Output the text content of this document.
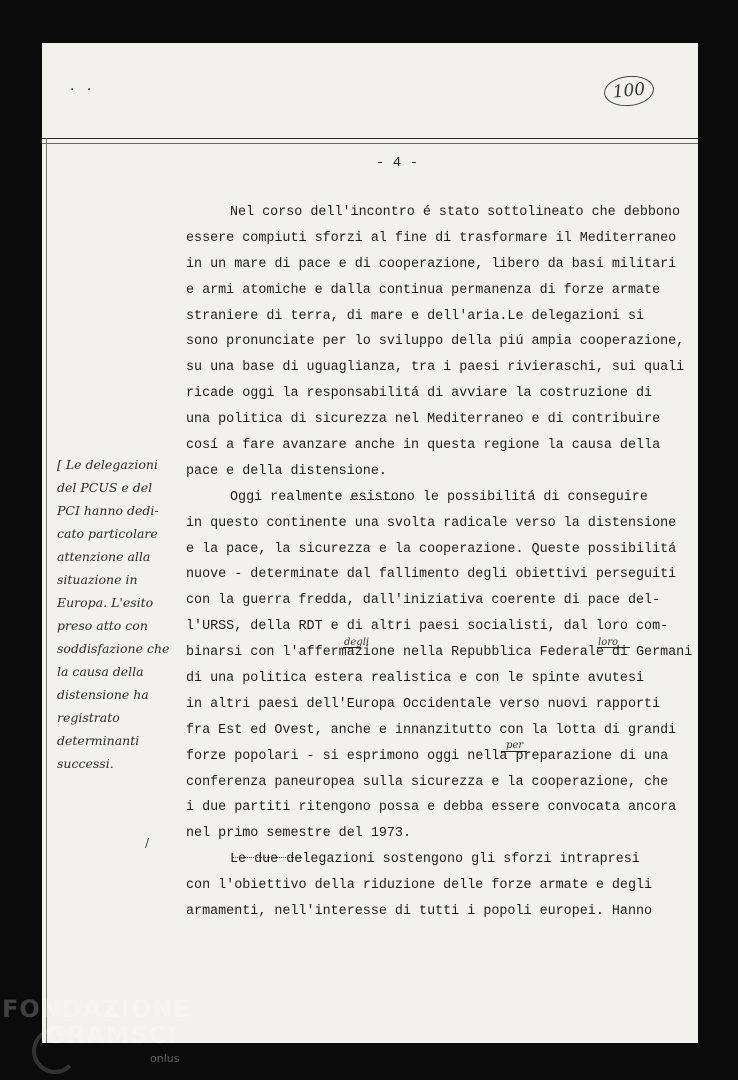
. .	100
- 4 -
[ Le delegazioni
del PCUS e del
PCI hanno dedi-
cato particolare
attenzione alla
situazione in
Europa. L'esito
preso atto con
soddisfazione che
la causa della
distensione ha
registrato
determinanti
successi.
/

Nel corso dell'incontro é stato sottolineato che debbono
essere compiuti sforzi al fine di trasformare il Mediterraneo
in un mare di pace e di cooperazione, libero da basi militari
e armi atomiche e dalla continua permanenza di forze armate
straniere di terra, di mare e dell'aria.Le delegazioni si
sono pronunciate per lo sviluppo della piú ampia cooperazione,
su una base di uguaglianza, tra i paesi rivieraschi, sui quali
ricade oggi la responsabilitá di avviare la costruzione di
una politica di sicurezza nel Mediterraneo e di contribuire
cosí a fare avanzare anche in questa regione la causa della
pace e della distensione.

Oggi realmente esistono le possibilitá di conseguire
in questo continente una svolta radicale verso la distensione
e la pace, la sicurezza e la cooperazione. Queste possibilitá
nuove - determinate dal fallimento degli obiettivi perseguiti
con la guerra fredda, dall'iniziativa coerente di pace del-
l'URSS, della RDT e di altri paesi socialisti, dal loro com-
binarsi con l'affermazione nella Repubblica Federale di Germani
di una politica estera realistica e con le spinte avutesi
in altri paesi dell'Europa Occidentale verso nuovi rapporti
fra Est ed Ovest, anche e innanzitutto con la lotta di grandi
forze popolari - si esprimono oggi nella preparazione di una
conferenza paneuropea sulla sicurezza e la cooperazione, che
i due partiti ritengono possa e debba essere convocata ancora
nel primo semestre del 1973.

Le due delegazioni sostengono gli sforzi intrapresi
con l'obiettivo della riduzione delle forze armate e degli
armamenti, nell'interesse di tutti i popoli europei. Hanno

degli	loro
per
FONDAZIONE
GRAMSCI
onlus
